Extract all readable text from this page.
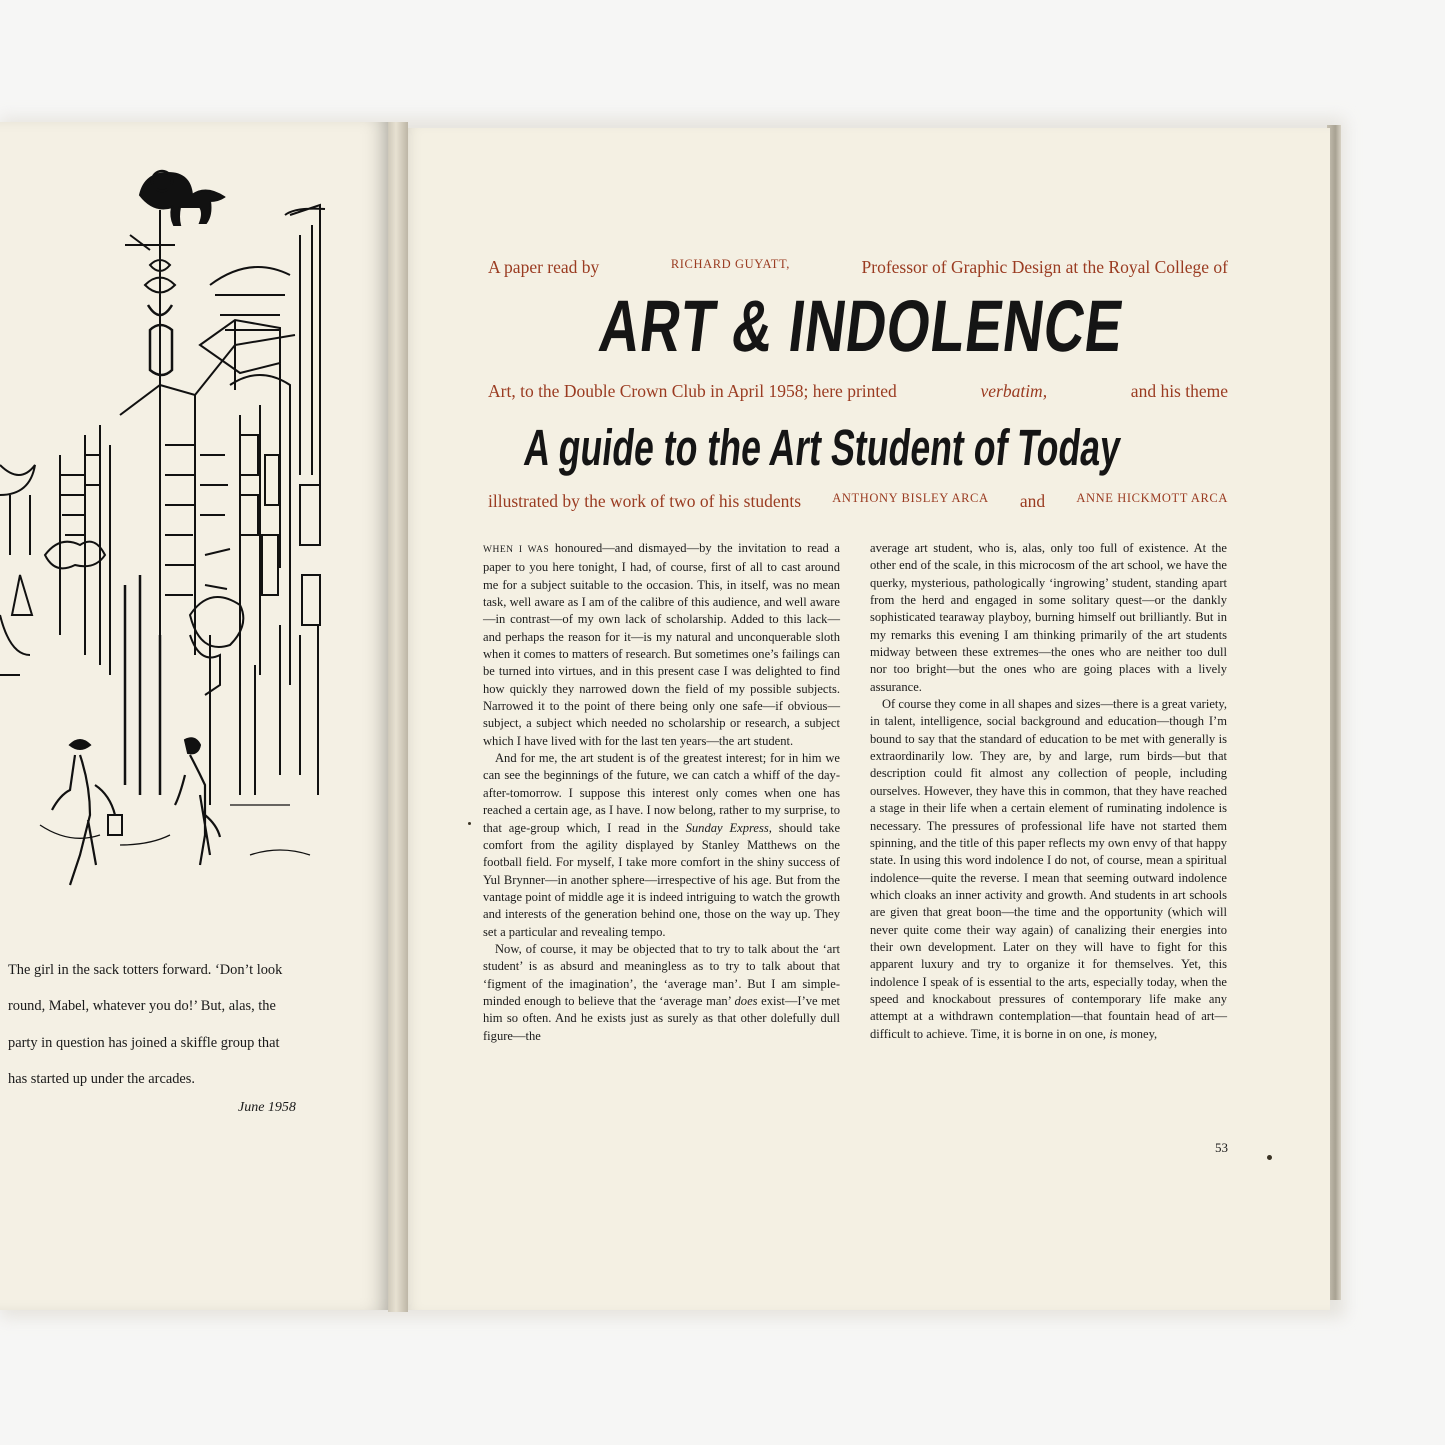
The girl in the sack totters forward. ‘Don’t look
round, Mabel, whatever you do!’ But, alas, the
party in question has joined a skiffle group that
has started up under the arcades.
June 1958
A paper read by	RICHARD GUYATT,	Professor of Graphic Design at the Royal College of
ART & INDOLENCE
Art, to the Double Crown Club in April 1958; here printed	verbatim,	and his theme
A guide to the Art Student of Today
illustrated by the work of two of his students	ANTHONY BISLEY ARCA and	ANNE HICKMOTT ARCA

WHEN I WAS honoured—and dismayed—by the invitation to read a paper to you here tonight, I had, of course, first of all to cast around me for a subject suitable to the occasion. This, in itself, was no mean task, well aware as I am of the calibre of this audience, and well aware—in contrast—of my own lack of scholarship. Added to this lack—and perhaps the reason for it—is my natural and unconquerable sloth when it comes to matters of research. But sometimes one’s failings can be turned into virtues, and in this present case I was delighted to find how quickly they narrowed down the field of my possible subjects. Narrowed it to the point of there being only one safe—if obvious—subject, a subject which needed no scholarship or research, a subject which I have lived with for the last ten years—the art student.

And for me, the art student is of the greatest interest; for in him we can see the beginnings of the future, we can catch a whiff of the day-after-tomorrow. I suppose this interest only comes when one has reached a certain age, as I have. I now belong, rather to my surprise, to that age-group which, I read in the Sunday Express, should take comfort from the agility displayed by Stanley Matthews on the football field. For myself, I take more comfort in the shiny success of Yul Brynner—in another sphere—irrespective of his age. But from the vantage point of middle age it is indeed intriguing to watch the growth and interests of the generation behind one, those on the way up. They set a particular and revealing tempo.

Now, of course, it may be objected that to try to talk about the ‘art student’ is as absurd and meaningless as to try to talk about that ‘figment of the imagination’, the ‘average man’. But I am simple-minded enough to believe that the ‘average man’ does exist—I’ve met him so often. And he exists just as surely as that other dolefully dull figure—the

average art student, who is, alas, only too full of existence. At the other end of the scale, in this microcosm of the art school, we have the querky, mysterious, pathologically ‘ingrowing’ student, standing apart from the herd and engaged in some solitary quest—or the dankly sophisticated tearaway playboy, burning himself out brilliantly. But in my remarks this evening I am thinking primarily of the art students midway between these extremes—the ones who are neither too dull nor too bright—but the ones who are going places with a lively assurance.

Of course they come in all shapes and sizes—there is a great variety, in talent, intelligence, social background and education—though I’m bound to say that the standard of education to be met with generally is extraordinarily low. They are, by and large, rum birds—but that description could fit almost any collection of people, including ourselves. However, they have this in common, that they have reached a stage in their life when a certain element of ruminating indolence is necessary. The pressures of professional life have not started them spinning, and the title of this paper reflects my own envy of that happy state. In using this word indolence I do not, of course, mean a spiritual indolence—quite the reverse. I mean that seeming outward indolence which cloaks an inner activity and growth. And students in art schools are given that great boon—the time and the opportunity (which will never quite come their way again) of canalizing their energies into their own development. Later on they will have to fight for this apparent luxury and try to organize it for themselves. Yet, this indolence I speak of is essential to the arts, especially today, when the speed and knockabout pressures of contemporary life make any attempt at a withdrawn contemplation—that fountain head of art—difficult to achieve. Time, it is borne in on one, is money,

53
